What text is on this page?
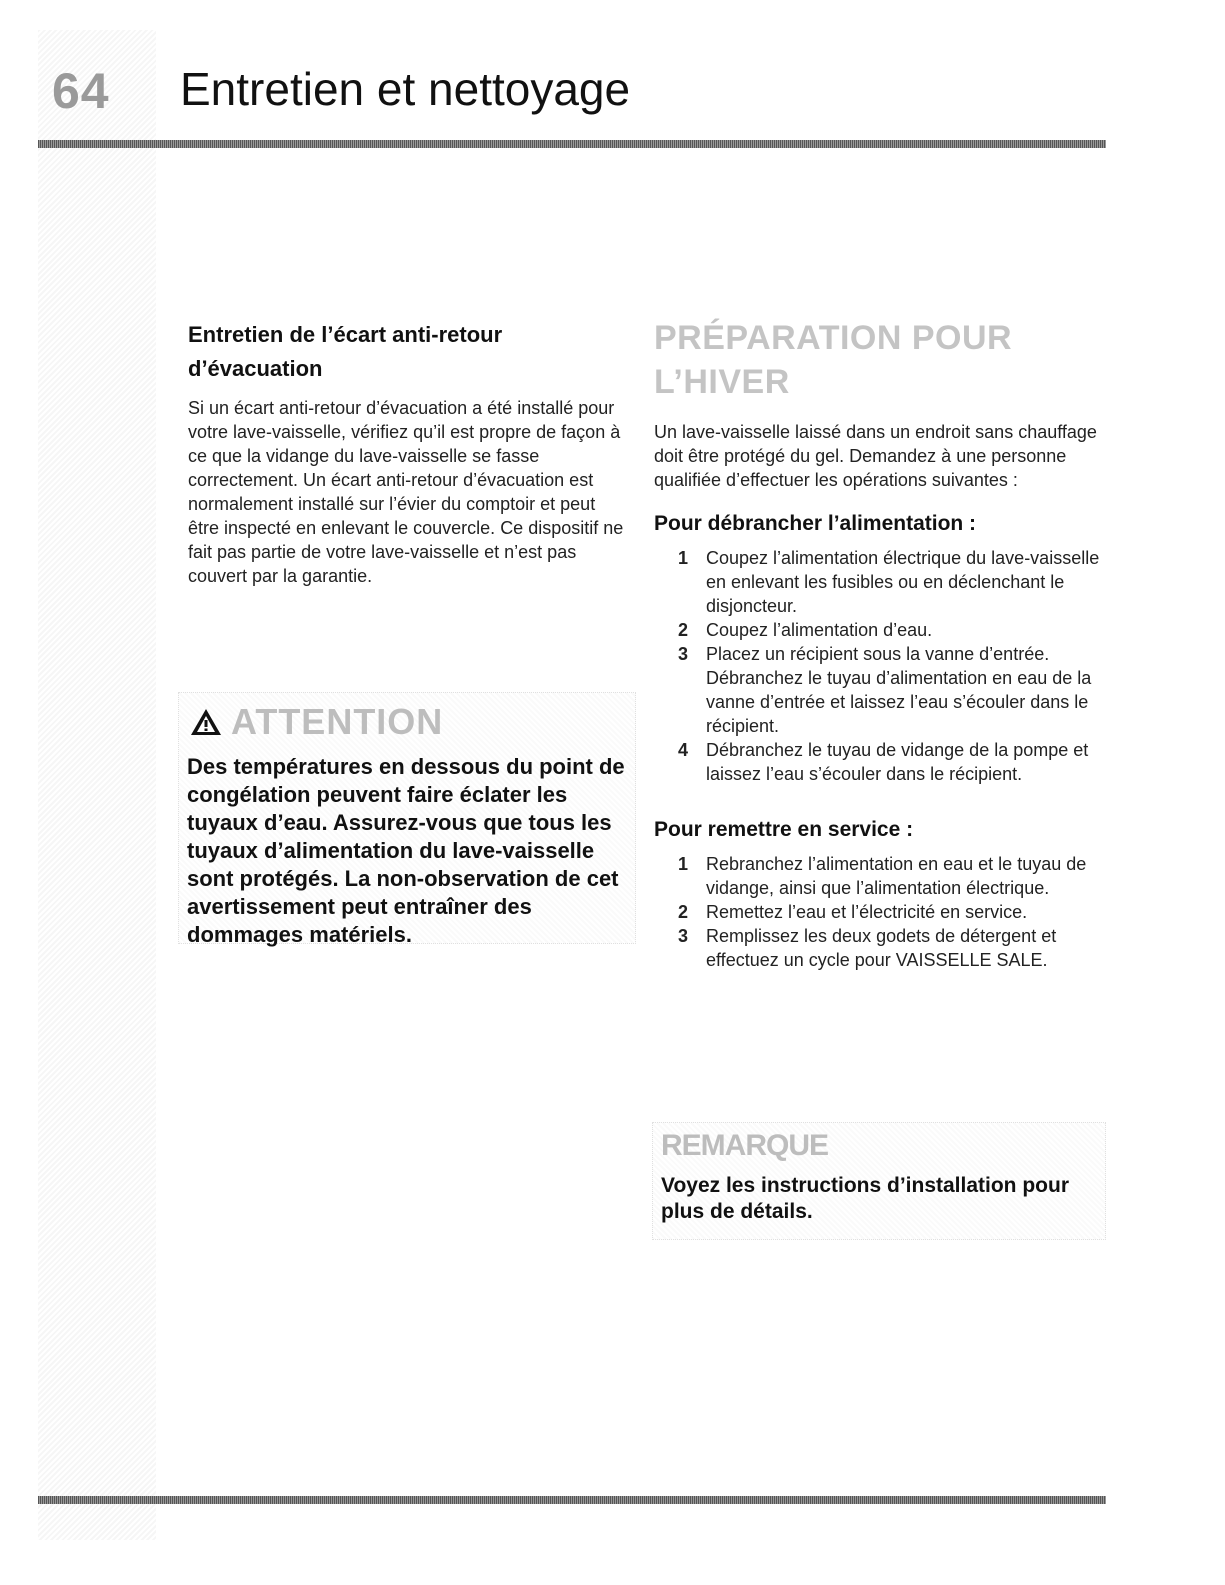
64 Entretien et nettoyage
Entretien de l’écart anti-retour d’évacuation

Si un écart anti-retour d’évacuation a été installé pour votre lave-vaisselle, vérifiez qu’il est propre de façon à ce que la vidange du lave-vaisselle se fasse correctement. Un écart anti-retour d’évacuation est normalement installé sur l’évier du comptoir et peut être inspecté en enlevant le couvercle. Ce dispositif ne fait pas partie de votre lave-vaisselle et n’est pas couvert par la garantie.

ATTENTION

Des températures en dessous du point de congélation peuvent faire éclater les tuyaux d’eau. Assurez-vous que tous les tuyaux d’alimentation du lave-vaisselle sont protégés. La non-observation de cet avertissement peut entraîner des dommages matériels.

PRÉPARATION POUR L’HIVER

Un lave-vaisselle laissé dans un endroit sans chauffage doit être protégé du gel. Demandez à une personne qualifiée d’effectuer les opérations suivantes :

Pour débrancher l’alimentation :
1 Coupez l’alimentation électrique du lave-vaisselle en enlevant les fusibles ou en déclenchant le disjoncteur.
2 Coupez l’alimentation d’eau.
3 Placez un récipient sous la vanne d’entrée. Débranchez le tuyau d’alimentation en eau de la vanne d’entrée et laissez l’eau s’écouler dans le récipient.
4 Débranchez le tuyau de vidange de la pompe et laissez l’eau s’écouler dans le récipient.
Pour remettre en service :
1 Rebranchez l’alimentation en eau et le tuyau de vidange, ainsi que l’alimentation électrique.
2 Remettez l’eau et l’électricité en service.
3 Remplissez les deux godets de détergent et effectuez un cycle pour VAISSELLE SALE.
REMARQUE

Voyez les instructions d’installation pour plus de détails.
